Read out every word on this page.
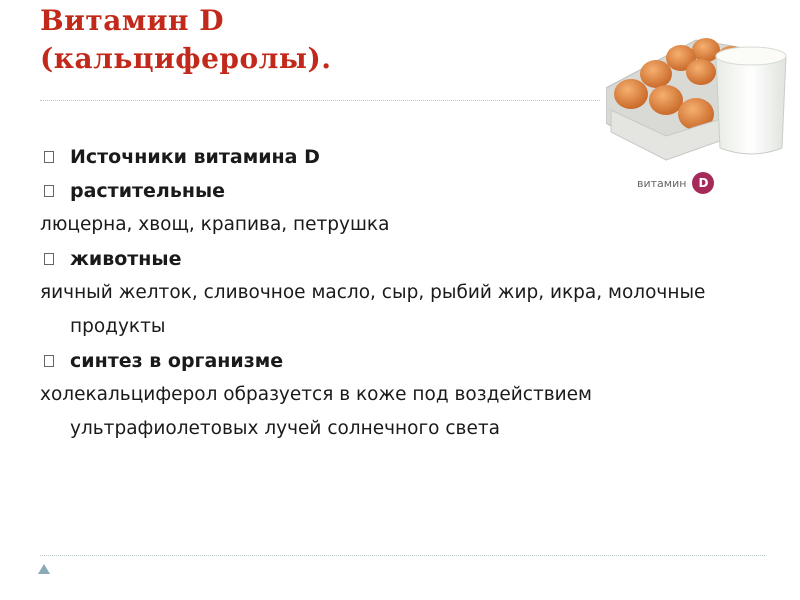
Витамин D
(кальциферолы).
витамин	D

Источники витамина D

растительные

люцерна, хвощ, крапива, петрушка

животные

яичный желток, сливочное масло, сыр, рыбий жир, икра, молочные продукты

синтез в организме

холекальциферол образуется в коже под воздействием ультрафиолетовых лучей солнечного света
